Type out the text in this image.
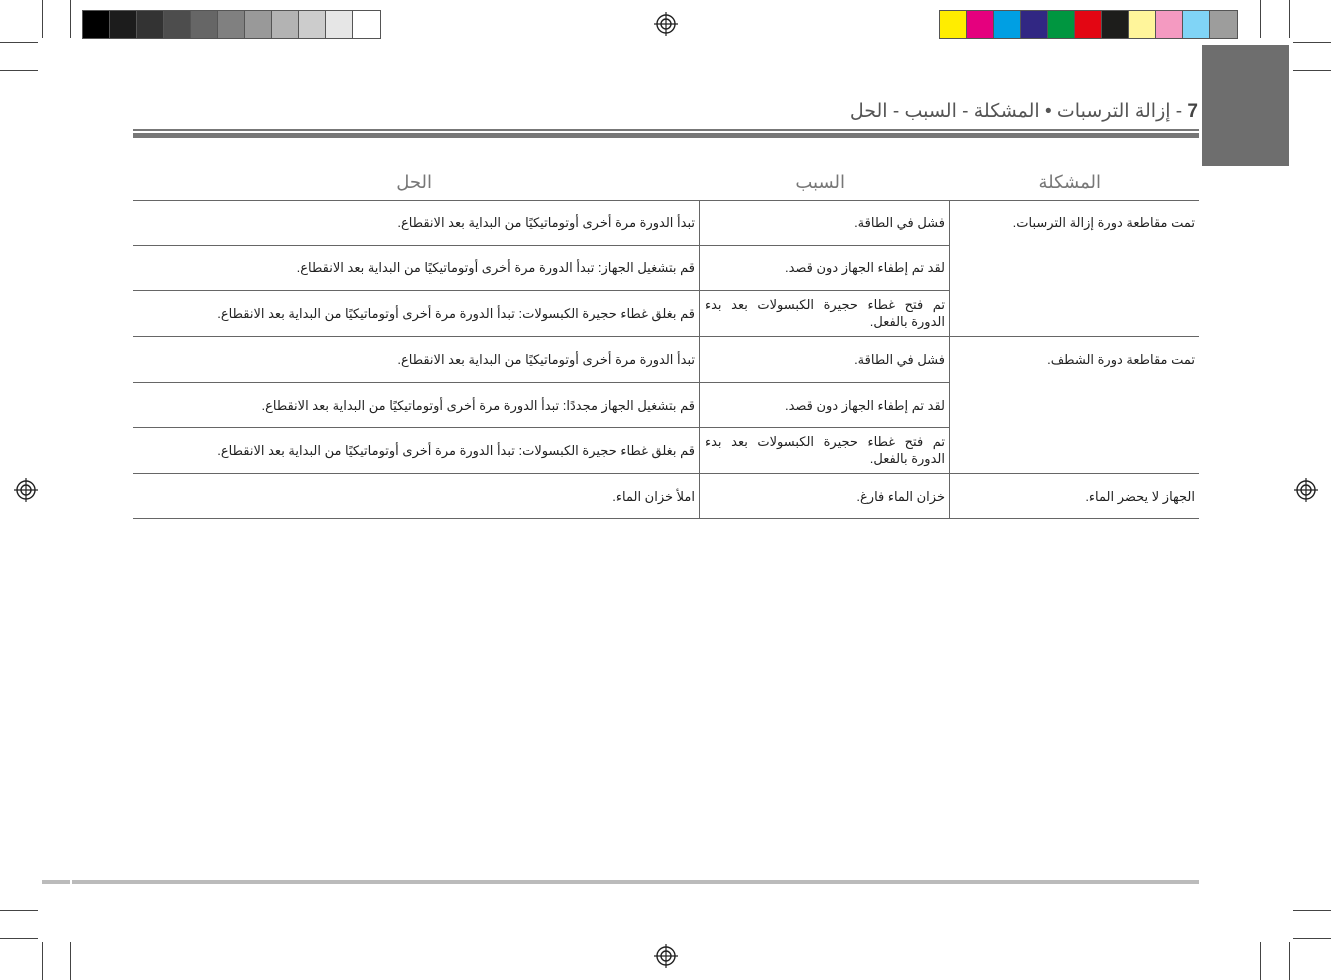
7 - إزالة الترسبات • المشكلة - السبب - الحل
المشكلة
السبب
الحل
تمت مقاطعة دورة إزالة الترسبات.
فشل في الطاقة.
تبدأ الدورة مرة أخرى أوتوماتيكيًا من البداية بعد الانقطاع.
لقد تم إطفاء الجهاز دون قصد.
قم بتشغيل الجهاز: تبدأ الدورة مرة أخرى أوتوماتيكيًا من البداية بعد الانقطاع.
تم فتح غطاء حجيرة الكبسولات بعد بدء الدورة بالفعل.
قم بغلق غطاء حجيرة الكبسولات: تبدأ الدورة مرة أخرى أوتوماتيكيًا من البداية بعد الانقطاع.
تمت مقاطعة دورة الشطف.
فشل في الطاقة.
تبدأ الدورة مرة أخرى أوتوماتيكيًا من البداية بعد الانقطاع.
لقد تم إطفاء الجهاز دون قصد.
قم بتشغيل الجهاز مجددًا: تبدأ الدورة مرة أخرى أوتوماتيكيًا من البداية بعد الانقطاع.
تم فتح غطاء حجيرة الكبسولات بعد بدء الدورة بالفعل.
قم بغلق غطاء حجيرة الكبسولات: تبدأ الدورة مرة أخرى أوتوماتيكيًا من البداية بعد الانقطاع.
الجهاز لا يحضر الماء.
خزان الماء فارغ.
املأ خزان الماء.
